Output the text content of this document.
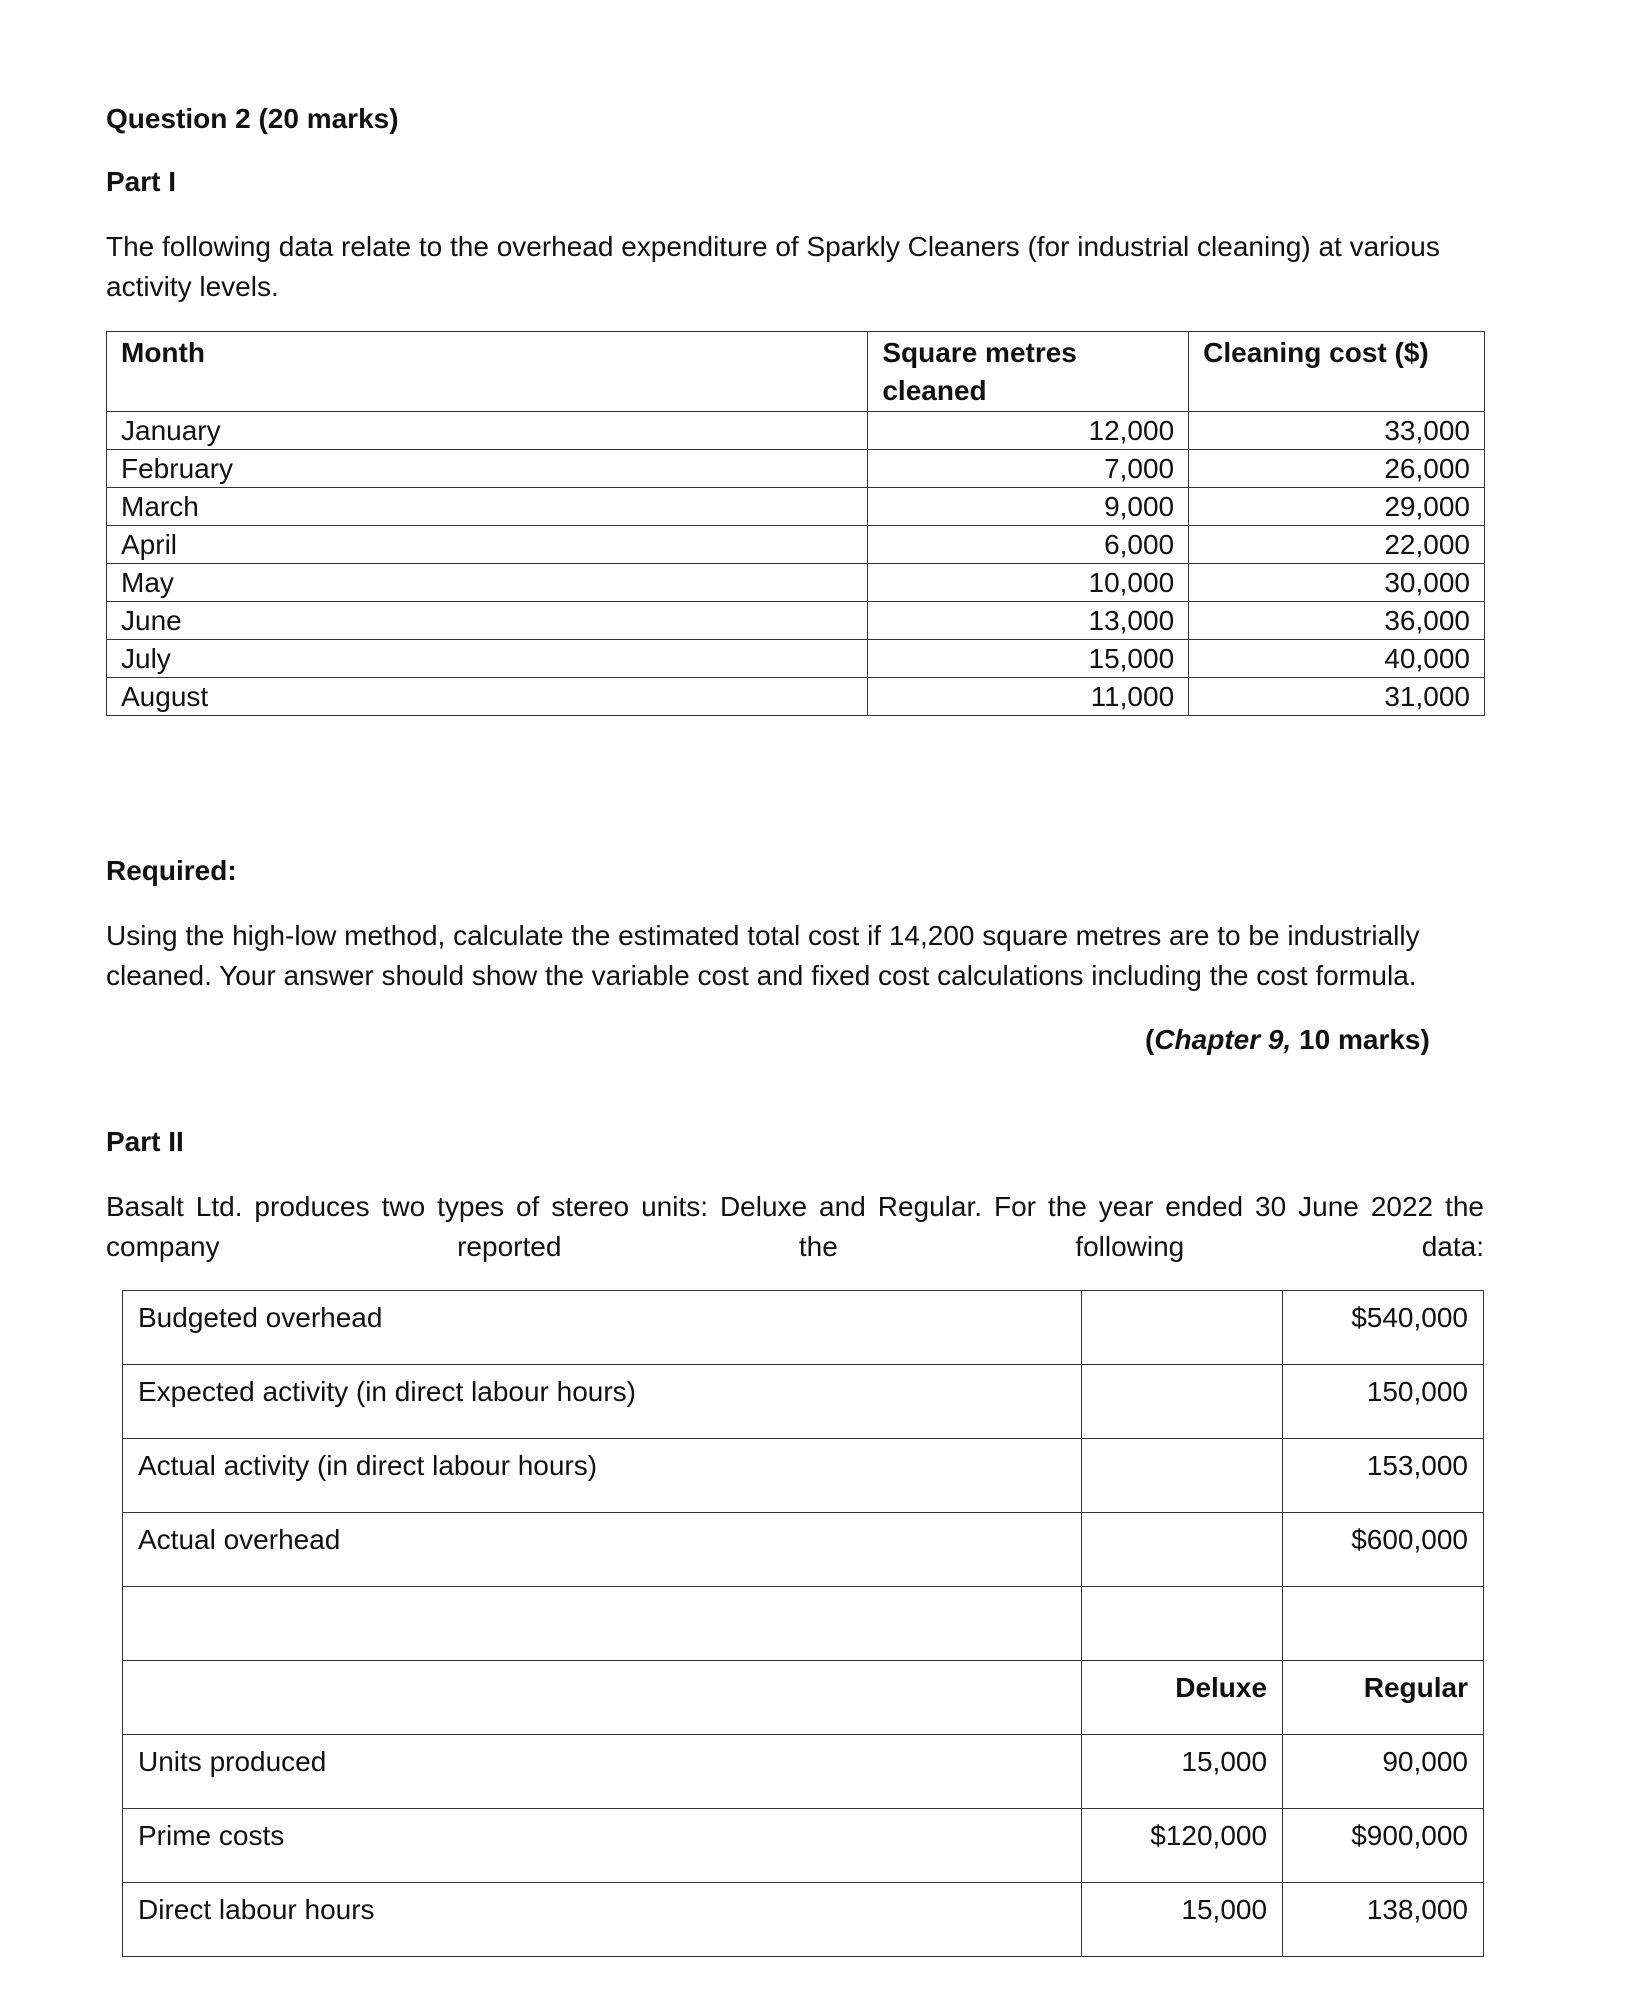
Question 2 (20 marks)
Part I
The following data relate to the overhead expenditure of Sparkly Cleaners (for industrial cleaning) at various activity levels.
Month	Square metres cleaned	Cleaning cost ($)
January	12,000	33,000
February	7,000	26,000
March	9,000	29,000
April	6,000	22,000
May	10,000	30,000
June	13,000	36,000
July	15,000	40,000
August	11,000	31,000
Required:
Using the high-low method, calculate the estimated total cost if 14,200 square metres are to be industrially cleaned. Your answer should show the variable cost and fixed cost calculations including the cost formula.
(Chapter 9, 10 marks)
Part II
Basalt Ltd. produces two types of stereo units: Deluxe and Regular. For the year ended 30 June 2022 the company reported the following data:
Budgeted overhead		$540,000
Expected activity (in direct labour hours)		150,000
Actual activity (in direct labour hours)		153,000
Actual overhead		$600,000

	Deluxe	Regular
Units produced	15,000	90,000
Prime costs	$120,000	$900,000
Direct labour hours	15,000	138,000
